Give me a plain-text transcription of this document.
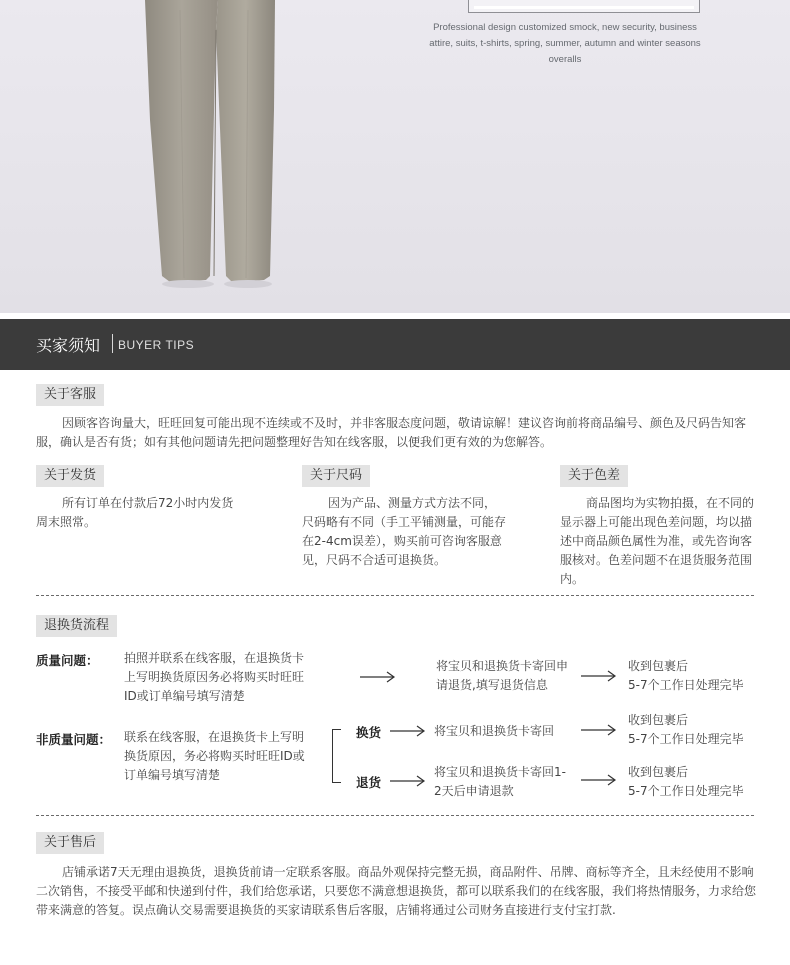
Professional design customized smock, new security, business attire, suits, t-shirts, spring, summer, autumn and winter seasons overalls
买家须知 BUYER TIPS
关于客服
因顾客咨询量大，旺旺回复可能出现不连续或不及时，并非客服态度问题，敬请谅解！建议咨询前将商品编号、颜色及尺码告知客服，确认是否有货；如有其他问题请先把问题整理好告知在线客服，以便我们更有效的为您解答。
关于发货
所有订单在付款后72小时内发货周末照常。
关于尺码
因为产品、测量方式方法不同，尺码略有不同（手工平铺测量，可能存在2-4cm误差），购买前可咨询客服意见，尺码不合适可退换货。
关于色差
商品图均为实物拍摄，在不同的显示器上可能出现色差问题，均以描述中商品颜色属性为准，或先咨询客服核对。色差问题不在退货服务范围内。
退换货流程
质量问题： 拍照并联系在线客服，在退换货卡上写明换货原因务必将购买时旺旺ID或订单编号填写清楚
将宝贝和退换货卡寄回申请退货,填写退货信息
收到包裹后
5-7个工作日处理完毕
非质量问题： 联系在线客服，在退换货卡上写明换货原因，务必将购买时旺旺ID或订单编号填写清楚
换货	将宝贝和退换货卡寄回
收到包裹后
5-7个工作日处理完毕
退货
将宝贝和退换货卡寄回1-2天后申请退款
收到包裹后
5-7个工作日处理完毕
关于售后
店铺承诺7天无理由退换货，退换货前请一定联系客服。商品外观保持完整无损，商品附件、吊牌、商标等齐全，且未经使用不影响二次销售，不接受平邮和快递到付件，我们给您承诺，只要您不满意想退换货，都可以联系我们的在线客服，我们将热情服务，力求给您带来满意的答复。误点确认交易需要退换货的买家请联系售后客服，店铺将通过公司财务直接进行支付宝打款.
